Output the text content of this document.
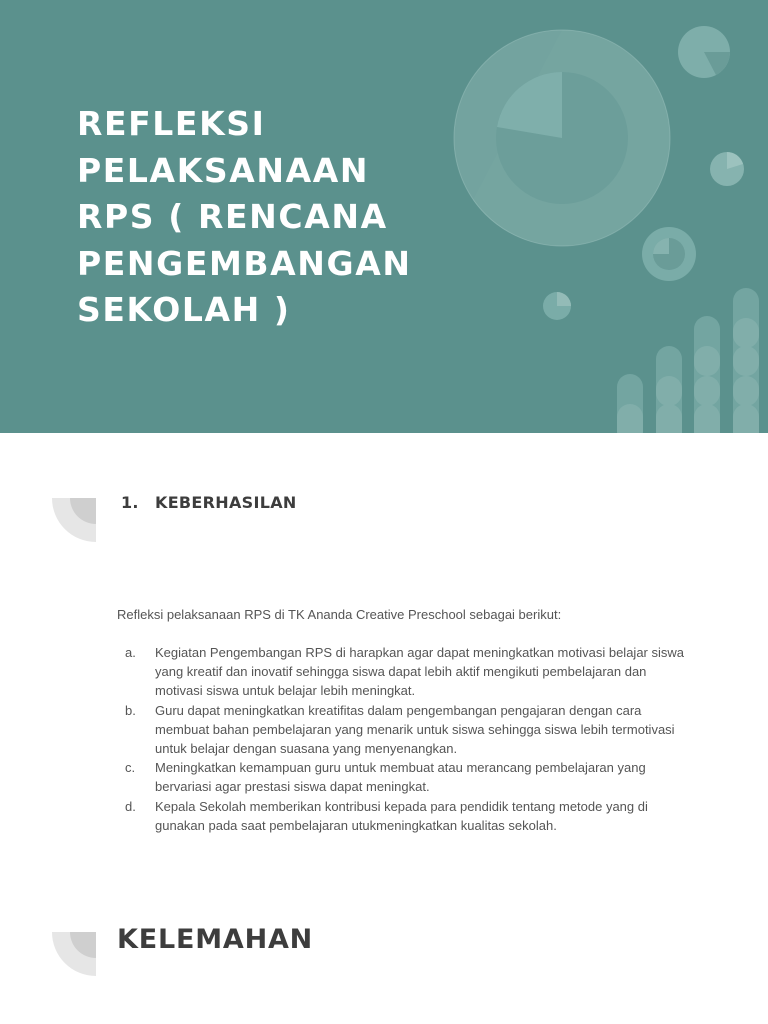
REFLEKSI PELAKSANAAN RPS ( RENCANA PENGEMBANGAN SEKOLAH )
1. KEBERHASILAN

Refleksi pelaksanaan RPS di TK Ananda Creative Preschool sebagai berikut:

a.	Kegiatan Pengembangan RPS di harapkan agar dapat meningkatkan motivasi belajar siswa yang kreatif dan inovatif sehingga siswa dapat lebih aktif mengikuti pembelajaran dan motivasi siswa untuk belajar lebih meningkat.
b.	Guru dapat meningkatkan kreatifitas dalam pengembangan pengajaran dengan cara membuat bahan pembelajaran yang menarik untuk siswa sehingga siswa lebih termotivasi untuk belajar dengan suasana yang menyenangkan.
c.	Meningkatkan kemampuan guru untuk membuat atau merancang pembelajaran yang bervariasi agar prestasi siswa dapat meningkat.
d.	Kepala Sekolah memberikan kontribusi kepada para pendidik tentang metode yang di gunakan pada saat pembelajaran utukmeningkatkan kualitas sekolah.
KELEMAHAN
